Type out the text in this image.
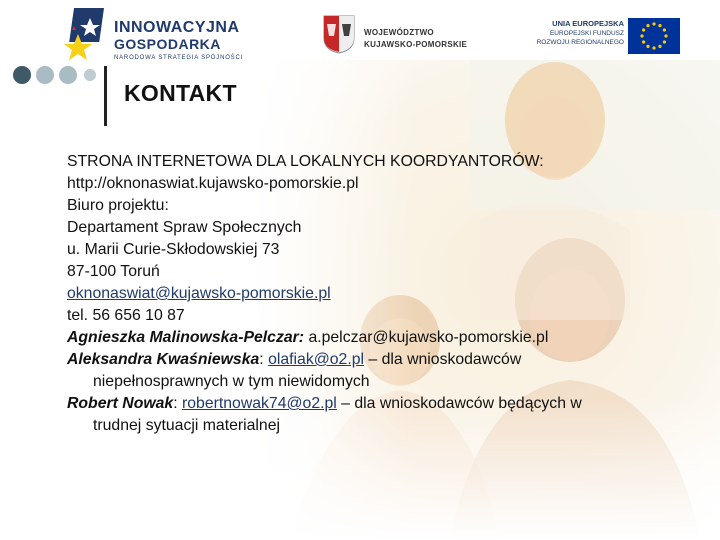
INNOWACYJNA
GOSPODARKA
NARODOWA STRATEGIA SPÓJNOŚCI
WOJEWÓDZTWO
KUJAWSKO-POMORSKIE
UNIA EUROPEJSKA
EUROPEJSKI FUNDUSZ
ROZWOJU REGIONALNEGO
KONTAKT

STRONA INTERNETOWA DLA LOKALNYCH KOORDYANTORÓW:

http://oknonaswiat.kujawsko-pomorskie.pl

Biuro projektu:

Departament Spraw Społecznych

u. Marii Curie-Skłodowskiej 73

87-100 Toruń

oknonaswiat@kujawsko-pomorskie.pl

tel. 56 656 10 87

Agnieszka Malinowska-Pelczar: a.pelczar@kujawsko-pomorskie.pl

Aleksandra Kwaśniewska: olafiak@o2.pl – dla wnioskodawców

niepełnosprawnych w tym niewidomych

Robert Nowak: robertnowak74@o2.pl – dla wnioskodawców będących w

trudnej sytuacji materialnej
